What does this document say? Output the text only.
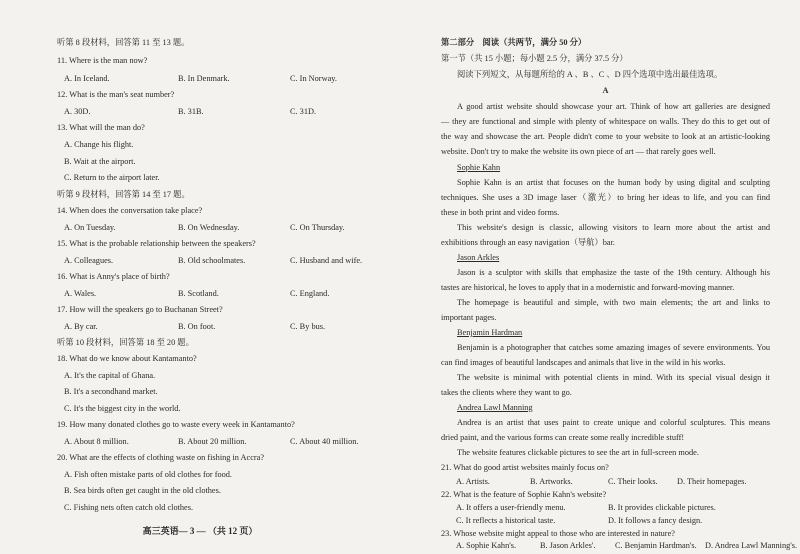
听第 8 段材料，回答第 11 至 13 题。
11. Where is the man now?
A. In Iceland.	B. In Denmark.	C. In Norway.
12. What is the man's seat number?
A. 30D.	B. 31B.	C. 31D.
13. What will the man do?
A. Change his flight.
B. Wait at the airport.
C. Return to the airport later.
听第 9 段材料，回答第 14 至 17 题。
14. When does the conversation take place?
A. On Tuesday.	B. On Wednesday.	C. On Thursday.
15. What is the probable relationship between the speakers?
A. Colleagues.	B. Old schoolmates.	C. Husband and wife.
16. What is Anny's place of birth?
A. Wales.	B. Scotland.	C. England.
17. How will the speakers go to Buchanan Street?
A. By car.	B. On foot.	C. By bus.
听第 10 段材料，回答第 18 至 20 题。
18. What do we know about Kantamanto?
A. It's the capital of Ghana.
B. It's a secondhand market.
C. It's the biggest city in the world.
19. How many donated clothes go to waste every week in Kantamanto?
A. About 8 million.	B. About 20 million.	C. About 40 million.
20. What are the effects of clothing waste on fishing in Accra?
A. Fish often mistake parts of old clothes for food.
B. Sea birds often get caught in the old clothes.
C. Fishing nets often catch old clothes.
高三英语— 3 — （共 12 页）
第二部分　阅读（共两节，满分 50 分）
第一节（共 15 小题；每小题 2.5 分，满分 37.5 分）
阅读下列短文，从每题所给的 A 、B 、C 、D 四个选项中选出最佳选项。
A
A good artist website should showcase your art. Think of how art galleries are designed
— they are functional and simple with plenty of whitespace on walls. They do this to get out of
the way and showcase the art. People didn't come to your website to look at an artistic-looking
website. Don't try to make the website its own piece of art — that rarely goes well.
Sophie Kahn
Sophie Kahn is an artist that focuses on the human body by using digital and sculpting
techniques. She uses a 3D image laser（激光）to bring her ideas to life, and you can find
these in both print and video forms.
This website's design is classic, allowing visitors to learn more about the artist and
exhibitions through an easy navigation（导航）bar.
Jason Arkles
Jason is a sculptor with skills that emphasize the taste of the 19th century. Although his
tastes are historical, he loves to apply that in a modernistic and forward-moving manner.
The homepage is beautiful and simple, with two main elements; the art and links to
important pages.
Benjamin Hardman
Benjamin is a photographer that catches some amazing images of severe environments. You
can find images of beautiful landscapes and animals that live in the wild in his works.
The website is minimal with potential clients in mind. With its special visual design it
takes the clients where they want to go.
Andrea Lawl Manning
Andrea is an artist that uses paint to create unique and colorful sculptures. This means
dried paint, and the various forms can create some really incredible stuff!
The website features clickable pictures to see the art in full-screen mode.
21. What do good artist websites mainly focus on?
A. Artists.	B. Artworks.	C. Their looks. D. Their homepages.
22. What is the feature of Sophie Kahn's website?
A. It offers a user-friendly menu.	B. It provides clickable pictures.
C. It reflects a historical taste.	D. It follows a fancy design.
23. Whose website might appeal to those who are interested in nature?
A. Sophie Kahn's.	B. Jason Arkles'. C. Benjamin Hardman's. D. Andrea Lawl Manning's.
